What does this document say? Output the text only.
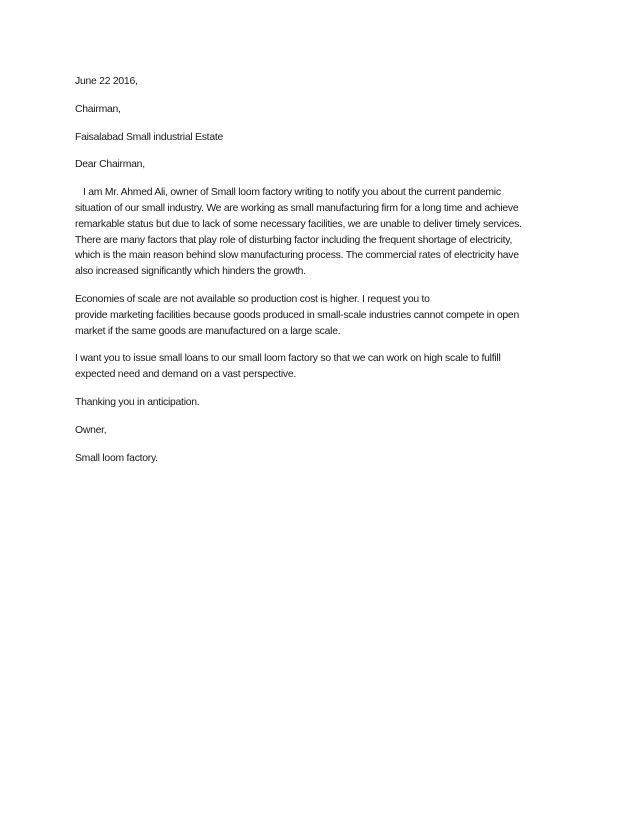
June 22 2016,
Chairman,
Faisalabad Small industrial Estate
Dear Chairman,
I am Mr. Ahmed Ali, owner of Small loom factory writing to notify you about the current pandemic
situation of our small industry. We are working as small manufacturing firm for a long time and achieve
remarkable status but due to lack of some necessary facilities, we are unable to deliver timely services.
There are many factors that play role of disturbing factor including the frequent shortage of electricity,
which is the main reason behind slow manufacturing process. The commercial rates of electricity have
also increased significantly which hinders the growth.
Economies of scale are not available so production cost is higher. I request you to
provide marketing facilities because goods produced in small-scale industries cannot compete in open
market if the same goods are manufactured on a large scale.
I want you to issue small loans to our small loom factory so that we can work on high scale to fulfill
expected need and demand on a vast perspective.
Thanking you in anticipation.
Owner,
Small loom factory.
